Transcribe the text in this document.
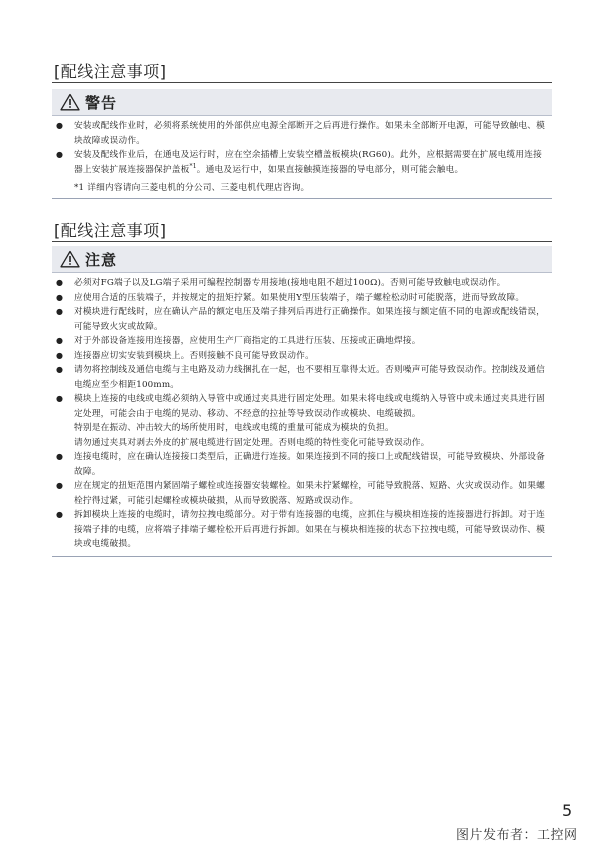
[配线注意事项]
警告
● 安装或配线作业时，必须将系统使用的外部供应电源全部断开之后再进行操作。如果未全部断开电源，可能导致触电、模块故障或误动作。
● 安装及配线作业后，在通电及运行时，应在空余插槽上安装空槽盖板模块(RG60)。此外，应根据需要在扩展电缆用连接器上安装扩展连接器保护盖板$^{*1}$。通电及运行中，如果直接触摸连接器的导电部分，则可能会触电。
*1 详细内容请向三菱电机的分公司、三菱电机代理店咨询。
[配线注意事项]
注意
● 必须对FG端子以及LG端子采用可编程控制器专用接地(接地电阻不超过100Ω)。否则可能导致触电或误动作。
● 应使用合适的压装端子，并按规定的扭矩拧紧。如果使用Y型压装端子，端子螺栓松动时可能脱落，进而导致故障。
● 对模块进行配线时，应在确认产品的额定电压及端子排列后再进行正确操作。如果连接与额定值不同的电源或配线错误，可能导致火灾或故障。
● 对于外部设备连接用连接器，应使用生产厂商指定的工具进行压装、压接或正确地焊接。
● 连接器应切实安装到模块上。否则接触不良可能导致误动作。
● 请勿将控制线及通信电缆与主电路及动力线捆扎在一起，也不要相互靠得太近。否则噪声可能导致误动作。控制线及通信电缆应至少相距100mm。
● 模块上连接的电线或电缆必须纳入导管中或通过夹具进行固定处理。如果未将电线或电缆纳入导管中或未通过夹具进行固定处理，可能会由于电缆的晃动、移动、不经意的拉扯等导致误动作或模块、电缆破损。
特别是在振动、冲击较大的场所使用时，电线或电缆的重量可能成为模块的负担。
请勿通过夹具对剥去外皮的扩展电缆进行固定处理。否则电缆的特性变化可能导致误动作。
● 连接电缆时，应在确认连接接口类型后，正确进行连接。如果连接到不同的接口上或配线错误，可能导致模块、外部设备故障。
● 应在规定的扭矩范围内紧固端子螺栓或连接器安装螺栓。如果未拧紧螺栓，可能导致脱落、短路、火灾或误动作。如果螺栓拧得过紧，可能引起螺栓或模块破损，从而导致脱落、短路或误动作。
● 拆卸模块上连接的电缆时，请勿拉拽电缆部分。对于带有连接器的电缆，应抓住与模块相连接的连接器进行拆卸。对于连接端子排的电缆，应将端子排端子螺栓松开后再进行拆卸。如果在与模块相连接的状态下拉拽电缆，可能导致误动作、模块或电缆破损。
5
图片发布者：工控网
